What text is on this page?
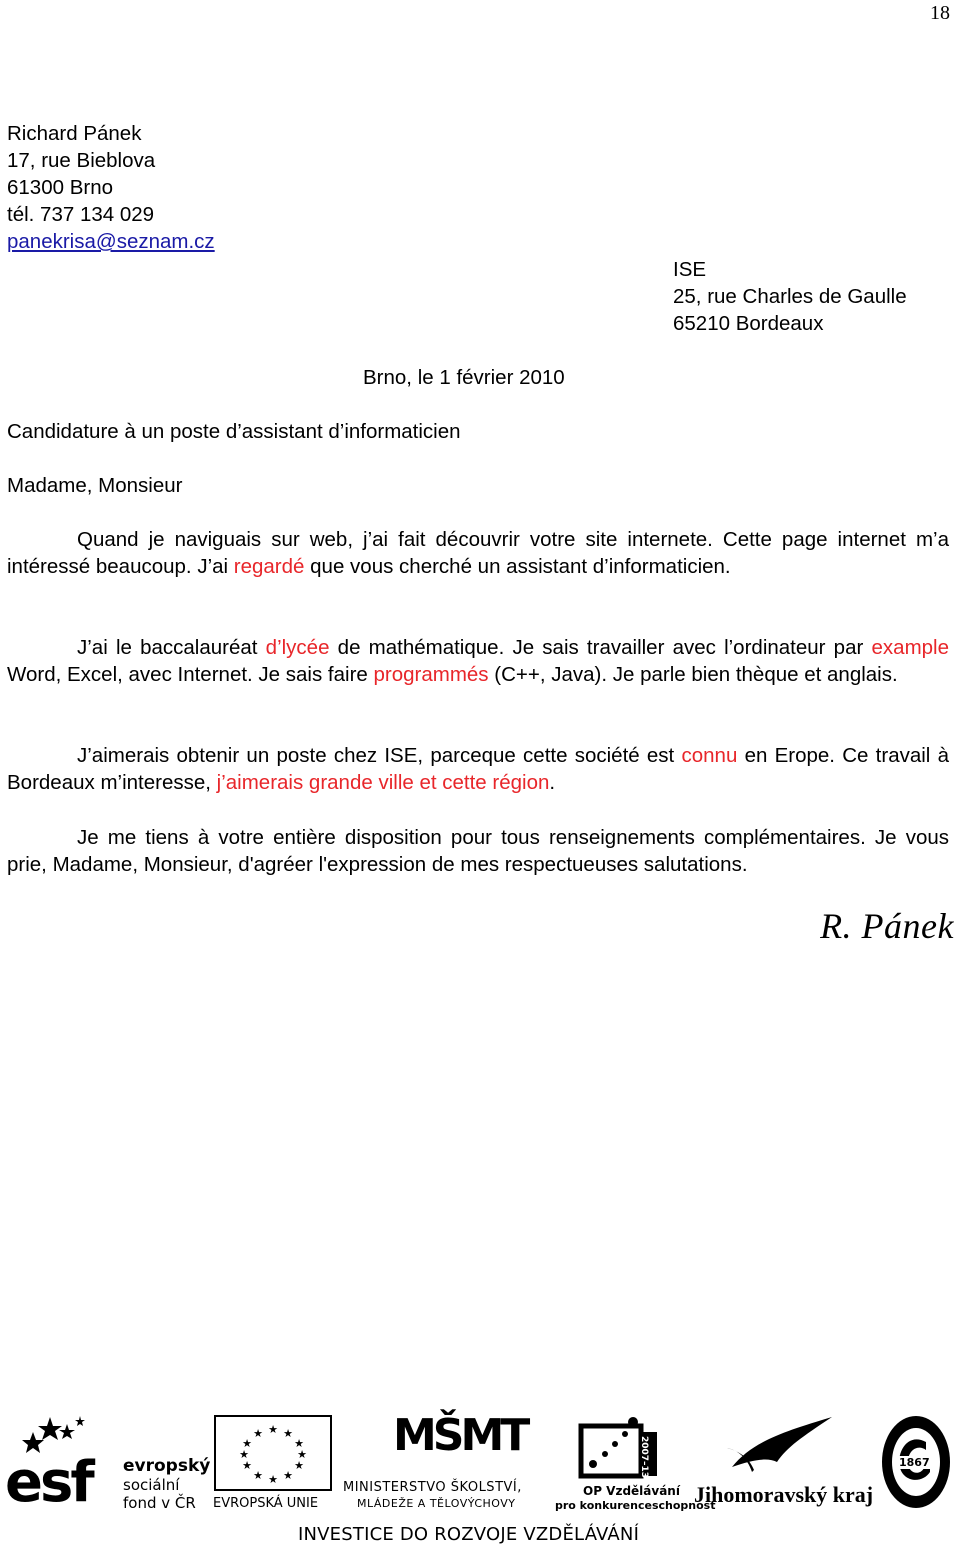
18
Richard Pánek
17, rue Bieblova
61300 Brno
tél. 737 134 029
panekrisa@seznam.cz
ISE
25, rue Charles de Gaulle
65210 Bordeaux
Brno, le 1 février 2010
Candidature à un poste d’assistant d’informaticien
Madame, Monsieur
Quand je naviguais sur web, j’ai fait découvrir votre site internete. Cette page internet m’a intéressé beaucoup. J’ai regardé que vous cherché un assistant d’informaticien.
J’ai le baccalauréat d’lycée de mathématique. Je sais travailler avec l’ordinateur par example Word, Excel, avec Internet. Je sais faire programmés (C++, Java). Je parle bien thèque et anglais.
J’aimerais obtenir un poste chez ISE, parceque cette société est connu en Erope. Ce travail à Bordeaux m’interesse, j’aimerais grande ville et cette région.
Je me tiens à votre entière disposition pour tous renseignements complémentaires. Je vous prie, Madame, Monsieur, d'agréer l'expression de mes respectueuses salutations.
R. Pánek
esf evropský
sociální
fond v ČR
★ ★
★
★
★
★
★
★
★
★
★
★
EVROPSKÁ UNIE
MŠMT
MINISTERSTVO ŠKOLSTVÍ,
MLÁDEŽE A TĚLOVÝCHOVY
2007–13
OP Vzdělávání
pro konkurenceschopnost
Jihomoravský kraj
1867
INVESTICE DO ROZVOJE VZDĚLÁVÁNÍ
